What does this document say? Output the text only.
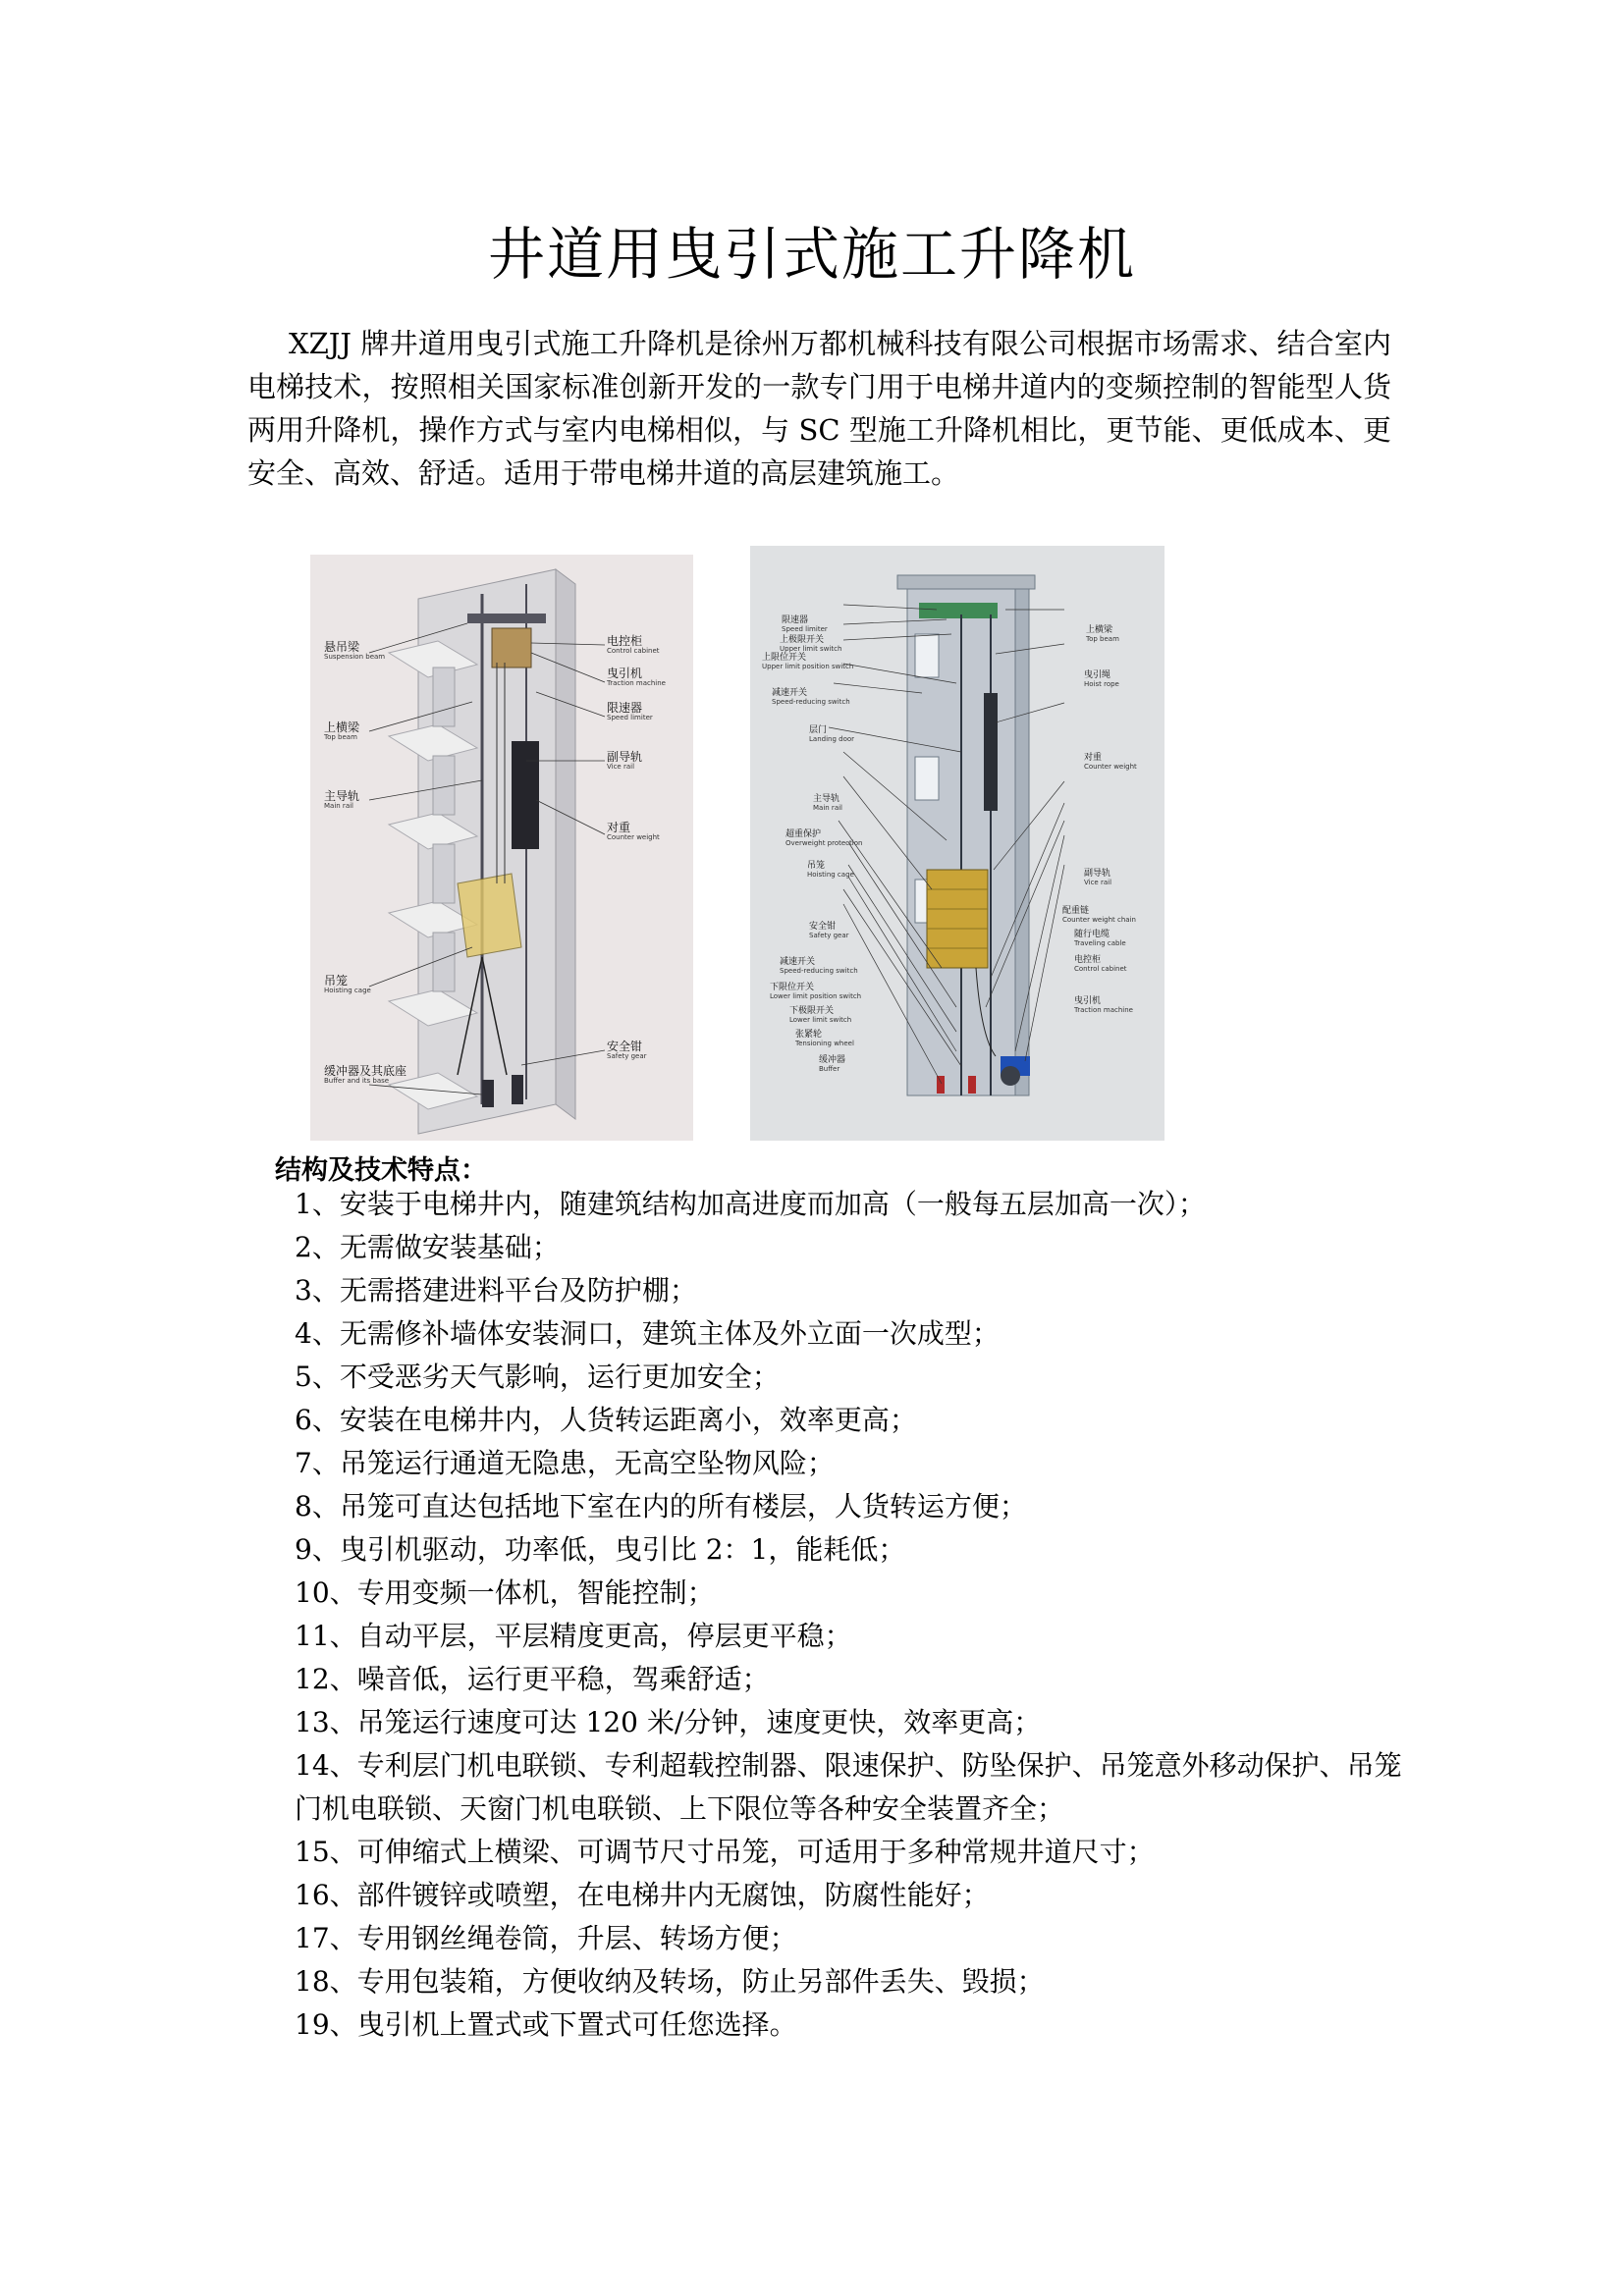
井道用曳引式施工升降机

XZJJ 牌井道用曳引式施工升降机是徐州万都机械科技有限公司根据市场需求、结合室内电梯技术，按照相关国家标准创新开发的一款专门用于电梯井道内的变频控制的智能型人货两用升降机，操作方式与室内电梯相似，与 SC 型施工升降机相比，更节能、更低成本、更安全、高效、舒适。适用于带电梯井道的高层建筑施工。

悬吊梁
Suspension beam
上横梁
Top beam
主导轨
Main rail
吊笼
Hoisting cage
缓冲器及其底座
Buffer and its base
电控柜
Control cabinet
曳引机
Traction machine
限速器
Speed limiter
副导轨
Vice rail
对重
Counter weight
安全钳
Safety gear
限速器
Speed limiter
上极限开关
Upper limit switch
上限位开关
Upper limit position switch
减速开关
Speed-reducing switch
层门
Landing door
主导轨
Main rail
超重保护
Overweight protection
吊笼
Hoisting cage
安全钳
Safety gear
减速开关
Speed-reducing switch
下限位开关
Lower limit position switch
下极限开关
Lower limit switch
张紧轮
Tensioning wheel
缓冲器
Buffer
上横梁
Top beam
曳引绳
Hoist rope
对重
Counter weight
副导轨
Vice rail
配重链
Counter weight chain
随行电缆
Traveling cable
电控柜
Control cabinet
曳引机
Traction machine
结构及技术特点：
1、安装于电梯井内，随建筑结构加高进度而加高（一般每五层加高一次）；
2、无需做安装基础；
3、无需搭建进料平台及防护棚；
4、无需修补墙体安装洞口，建筑主体及外立面一次成型；
5、不受恶劣天气影响，运行更加安全；
6、安装在电梯井内，人货转运距离小，效率更高；
7、吊笼运行通道无隐患，无高空坠物风险；
8、吊笼可直达包括地下室在内的所有楼层，人货转运方便；
9、曳引机驱动，功率低，曳引比 2：1，能耗低；
10、专用变频一体机，智能控制；
11、自动平层，平层精度更高，停层更平稳；
12、噪音低，运行更平稳，驾乘舒适；
13、吊笼运行速度可达 120 米/分钟，速度更快，效率更高；
14、专利层门机电联锁、专利超载控制器、限速保护、防坠保护、吊笼意外移动保护、吊笼门机电联锁、天窗门机电联锁、上下限位等各种安全装置齐全；
15、可伸缩式上横梁、可调节尺寸吊笼，可适用于多种常规井道尺寸；
16、部件镀锌或喷塑，在电梯井内无腐蚀，防腐性能好；
17、专用钢丝绳卷筒，升层、转场方便；
18、专用包装箱，方便收纳及转场，防止另部件丢失、毁损；
19、曳引机上置式或下置式可任您选择。
